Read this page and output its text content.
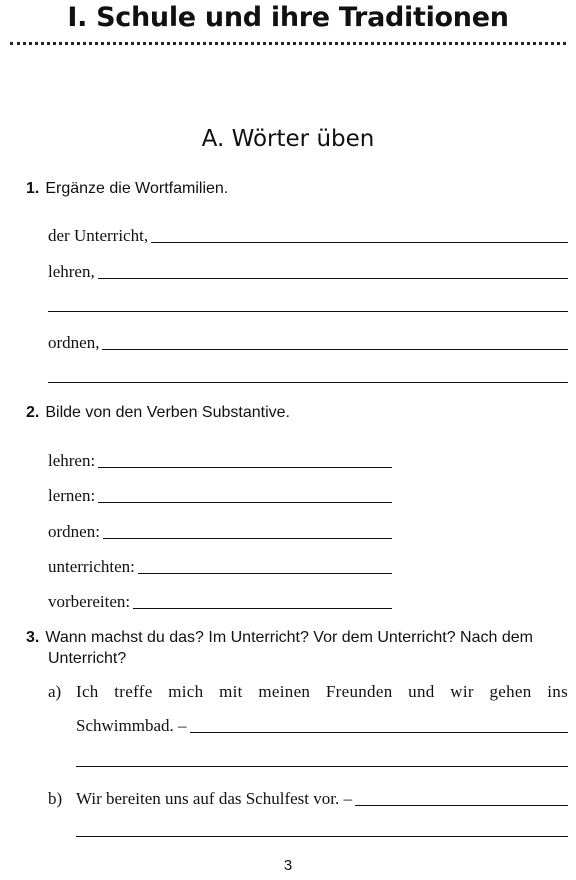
I. Schule und ihre Traditionen
A. Wörter üben
1. Ergänze die Wortfamilien.
der Unterricht,
lehren,
ordnen,
2. Bilde von den Verben Substantive.
lehren:
lernen:
ordnen:
unterrichten:
vorbereiten:
3. Wann machst du das? Im Unterricht? Vor dem Unterricht? Nach dem
Unterricht?
a) Ich treffe mich mit meinen Freunden und wir gehen ins
Schwimmbad. –
b) Wir bereiten uns auf das Schulfest vor. –
3
